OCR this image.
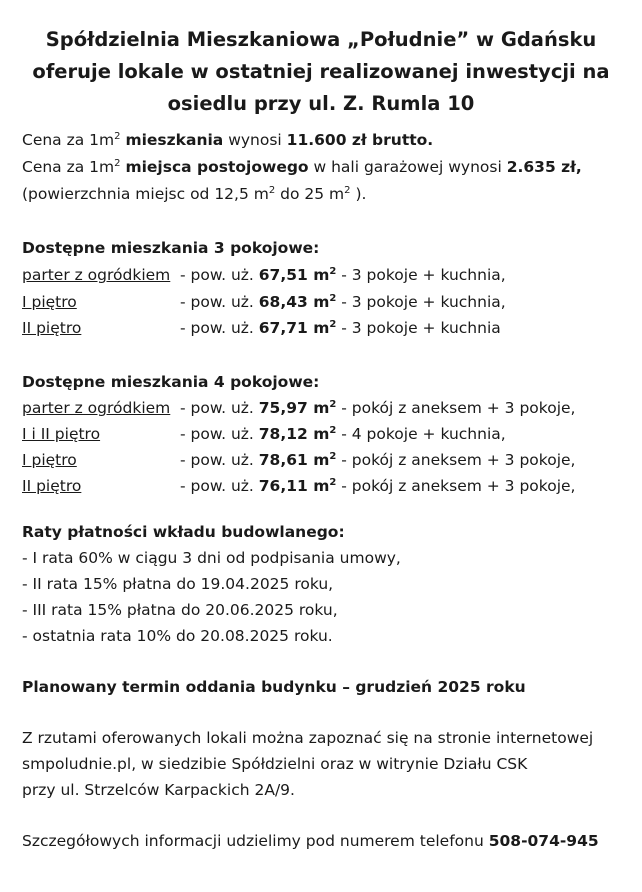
Spółdzielnia Mieszkaniowa „Południe” w Gdańsku
oferuje lokale w ostatniej realizowanej inwestycji na
osiedlu przy ul. Z. Rumla 10
Cena za $1m^2$ mieszkania wynosi 11.600 zł brutto.
Cena za $1m^2$ miejsca postojowego w hali garażowej wynosi 2.635 zł,
(powierzchnia miejsc od 12,5 $m^2$ do 25 $m^2$ ).
Dostępne mieszkania 3 pokojowe:
parter z ogródkiem - pow. uż. 67,51 $m^2 - 3$ pokoje + kuchnia,
I piętro	- pow. uż. 68,43 $m^2 - 3$ pokoje + kuchnia,
II piętro	- pow. uż. 67,71 $m^2 - 3$ pokoje + kuchnia
Dostępne mieszkania 4 pokojowe:
parter z ogródkiem - pow. uż. 75,97 $m^2$ - pokój z aneksem + 3 pokoje,
I i II piętro	- pow. uż. 78,12 $m^2 - 4$ pokoje + kuchnia,
I piętro	- pow. uż. 78,61 $m^2$ - pokój z aneksem + 3 pokoje,
II piętro	- pow. uż. 76,11 $m^2$ - pokój z aneksem + 3 pokoje,
Raty płatności wkładu budowlanego:
- I rata 60% w ciągu 3 dni od podpisania umowy,
- II rata 15% płatna do 19.04.2025 roku,
- III rata 15% płatna do 20.06.2025 roku,
- ostatnia rata 10% do 20.08.2025 roku.
Planowany termin oddania budynku – grudzień 2025 roku
Z rzutami oferowanych lokali można zapoznać się na stronie internetowej
smpoludnie.pl, w siedzibie Spółdzielni oraz w witrynie Działu CSK
przy ul. Strzelców Karpackich 2A/9.
Szczegółowych informacji udzielimy pod numerem telefonu 508-074-945
